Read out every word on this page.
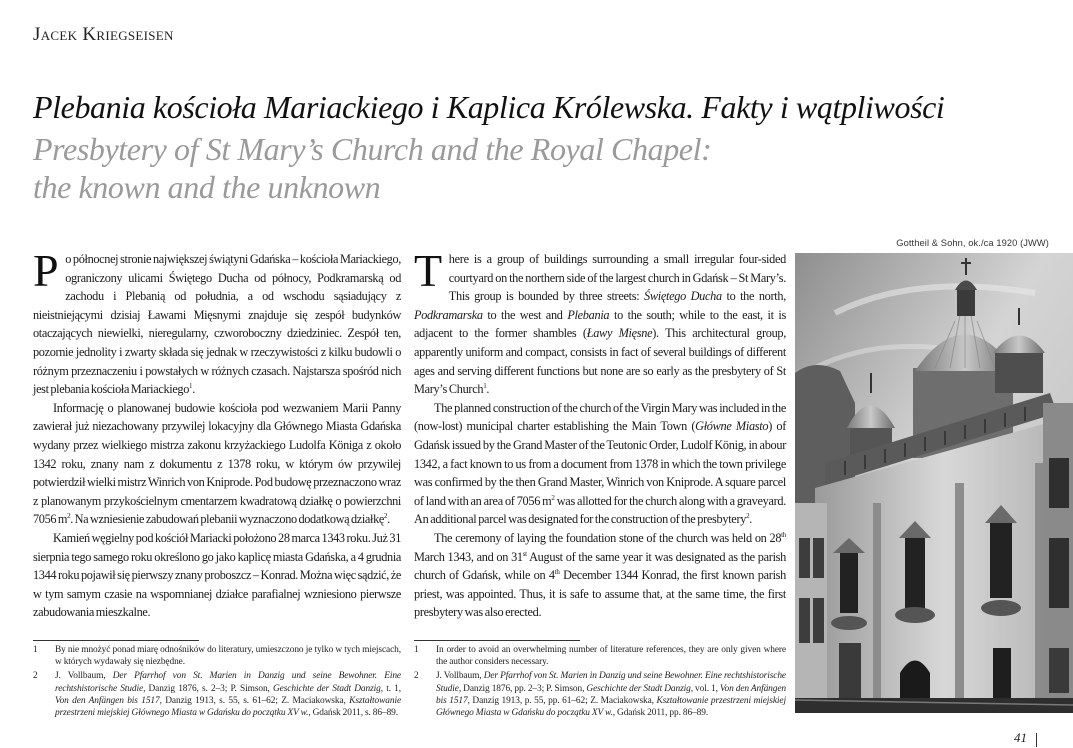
Jacek Kriegseisen
Plebania kościoła Mariackiego i Kaplica Królewska. Fakty i wątpliwości
Presbytery of St Mary’s Church and the Royal Chapel:
the known and the unknown

Po północnej stronie największej świątyni Gdańska – kościoła Mariackiego, ograniczony ulicami Świętego Ducha od północy, Podkramarską od zachodu i Plebanią od południa, a od wschodu sąsiadujący z nieistniejącymi dzisiaj Ławami Mięsnymi znajduje się zespół budynków otaczających niewielki, nieregularny, czworoboczny dziedziniec. Zespół ten, pozornie jednolity i zwarty składa się jednak w rzeczywistości z kilku budowli o różnym przeznaczeniu i powstałych w różnych czasach. Najstarsza spośród nich jest plebania kościoła Mariackiego$^1$.

Informację o planowanej budowie kościoła pod wezwaniem Marii Panny zawierał już niezachowany przywilej lokacyjny dla Głównego Miasta Gdańska wydany przez wielkiego mistrza zakonu krzyżackiego Ludolfa Königa z około 1342 roku, znany nam z dokumentu z 1378 roku, w którym ów przywilej potwierdził wielki mistrz Winrich von Kniprode. Pod budowę przeznaczono wraz z planowanym przykościelnym cmentarzem kwadratową działkę o powierzchni 7056 $m^2$. Na wzniesienie zabudowań plebanii wyznaczono dodatkową działkę$^2$.

Kamień węgielny pod kościół Mariacki położono 28 marca 1343 roku. Już 31 sierpnia tego samego roku określono go jako kaplicę miasta Gdańska, a 4 grudnia 1344 roku pojawił się pierwszy znany proboszcz – Konrad. Można więc sądzić, że w tym samym czasie na wspomnianej działce parafialnej wzniesiono pierwsze zabudowania mieszkalne.

There is a group of buildings surrounding a small irregular four-sided courtyard on the northern side of the largest church in Gdańsk – St Mary’s. This group is bounded by three streets: Świętego Ducha to the north, Podkramarska to the west and Plebania to the south; while to the east, it is adjacent to the former shambles (Ławy Mięsne). This architectural group, apparently uniform and compact, consists in fact of several buildings of different ages and serving different functions but none are so early as the presbytery of St Mary’s Church$^1$.

The planned construction of the church of the Virgin Mary was included in the (now-lost) municipal charter establishing the Main Town (Główne Miasto) of Gdańsk issued by the Grand Master of the Teutonic Order, Ludolf König, in abour 1342, a fact known to us from a document from 1378 in which the town privilege was confirmed by the then Grand Master, Winrich von Kniprode. A square parcel of land with an area of 7056 $m^2$ was allotted for the church along with a graveyard. An additional parcel was designated for the construction of the presbytery$^2$.

The ceremony of laying the foundation stone of the church was held on 28th March 1343, and on 31st August of the same year it was designated as the parish church of Gdańsk, while on 4th December 1344 Konrad, the first known parish priest, was appointed. Thus, it is safe to assume that, at the same time, the first presbytery was also erected.

1	By nie mnożyć ponad miarę odnośników do literatury, umieszczono je tylko w tych miejscach, w których wydawały się niezbędne.
2	J. Vollbaum, Der Pfarrhof von St. Marien in Danzig und seine Bewohner. Eine rechtshistorische Studie, Danzig 1876, s. 2–3; P. Simson, Geschichte der Stadt Danzig, t. 1, Von den Anfängen bis 1517, Danzig 1913, s. 55, s. 61–62; Z. Maciakowska, Kształtowanie przestrzeni miejskiej Głównego Miasta w Gdańsku do początku XV w., Gdańsk 2011, s. 86–89.
1	In order to avoid an overwhelming number of literature references, they are only given where the author considers necessary.
2	J. Vollbaum, Der Pfarrhof von St. Marien in Danzig und seine Bewohner. Eine rechtshistorische Studie, Danzig 1876, pp. 2–3; P. Simson, Geschichte der Stadt Danzig, vol. 1, Von den Anfängen bis 1517, Danzig 1913, p. 55, pp. 61–62; Z. Maciakowska, Kształtowanie przestrzeni miejskiej Głównego Miasta w Gdańsku do początku XV w., Gdańsk 2011, pp. 86–89.
Gottheil & Sohn, ok./ca 1920 (JWW)
41
